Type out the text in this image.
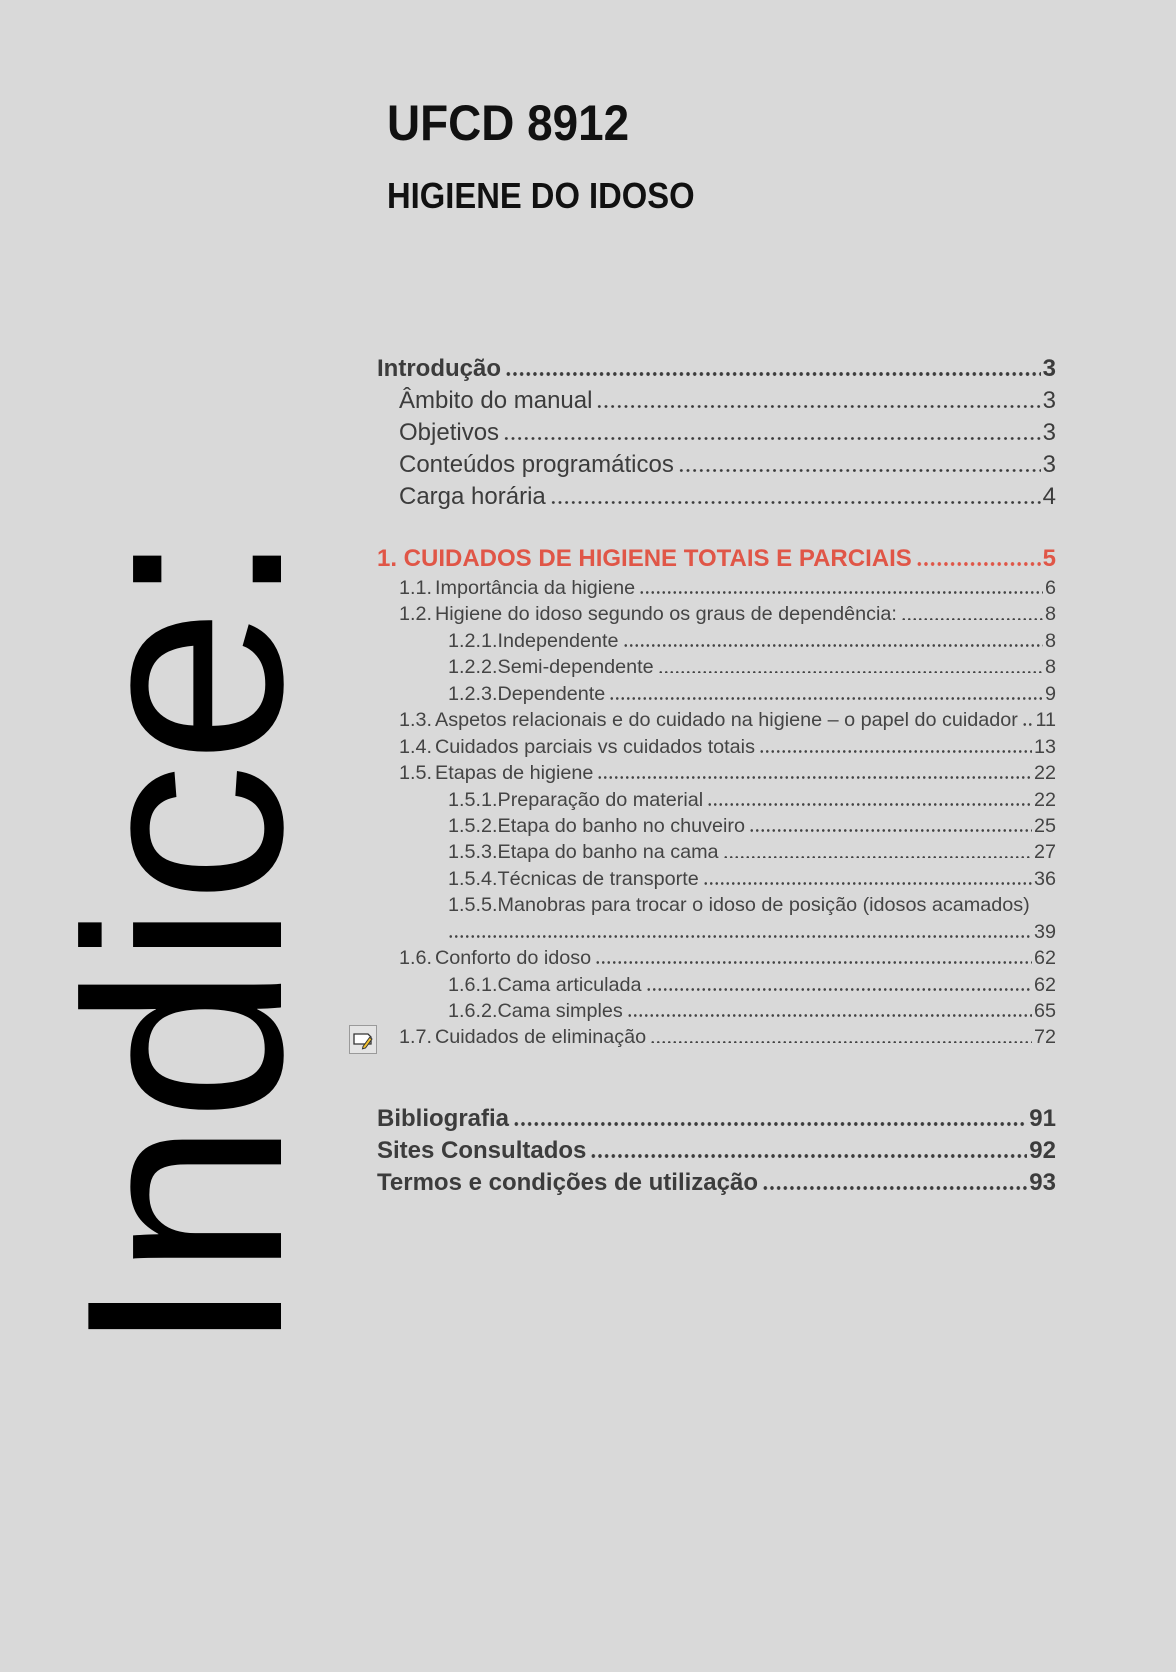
UFCD 8912
HIGIENE DO IDOSO
Indice:
Introdução	3
Âmbito do manual	3
Objetivos	3
Conteúdos programáticos	3
Carga horária	4
1. CUIDADOS DE HIGIENE TOTAIS E PARCIAIS	5
1.1. Importância da higiene	6
1.2. Higiene do idoso segundo os graus de dependência:	8
1.2.1. Independente	8
1.2.2. Semi-dependente	8
1.2.3. Dependente	9
1.3. Aspetos relacionais e do cuidado na higiene – o papel do cuidador 11
1.4. Cuidados parciais vs cuidados totais	13
1.5. Etapas de higiene	22
1.5.1. Preparação do material	22
1.5.2. Etapa do banho no chuveiro	25
1.5.3. Etapa do banho na cama	27
1.5.4. Técnicas de transporte	36
1.5.5. Manobras para trocar o idoso de posição (idosos acamados)
39
1.6. Conforto do idoso	62
1.6.1. Cama articulada	62
1.6.2. Cama simples	65
1.7. Cuidados de eliminação	72
Bibliografia	91
Sites Consultados	92
Termos e condições de utilização	93
